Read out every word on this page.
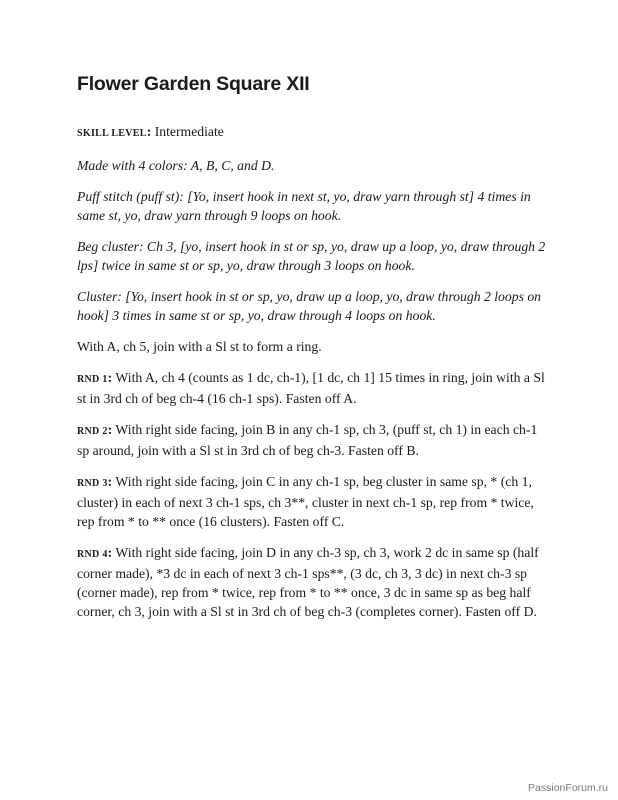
Flower Garden Square XII

SKILL LEVEL: Intermediate

Made with 4 colors: A, B, C, and D.

Puff stitch (puff st): [Yo, insert hook in next st, yo, draw yarn through st] 4 times in same st, yo, draw yarn through 9 loops on hook.

Beg cluster: Ch 3, [yo, insert hook in st or sp, yo, draw up a loop, yo, draw through 2 lps] twice in same st or sp, yo, draw through 3 loops on hook.

Cluster: [Yo, insert hook in st or sp, yo, draw up a loop, yo, draw through 2 loops on hook] 3 times in same st or sp, yo, draw through 4 loops on hook.

With A, ch 5, join with a Sl st to form a ring.

RND 1: With A, ch 4 (counts as 1 dc, ch-1), [1 dc, ch 1] 15 times in ring, join with a Sl st in 3rd ch of beg ch-4 (16 ch-1 sps). Fasten off A.

RND 2: With right side facing, join B in any ch-1 sp, ch 3, (puff st, ch 1) in each ch-1 sp around, join with a Sl st in 3rd ch of beg ch-3. Fasten off B.

RND 3: With right side facing, join C in any ch-1 sp, beg cluster in same sp, * (ch 1, cluster) in each of next 3 ch-1 sps, ch 3**, cluster in next ch-1 sp, rep from * twice, rep from * to ** once (16 clusters). Fasten off C.

RND 4: With right side facing, join D in any ch-3 sp, ch 3, work 2 dc in same sp (half corner made), *3 dc in each of next 3 ch-1 sps**, (3 dc, ch 3, 3 dc) in next ch-3 sp (corner made), rep from * twice, rep from * to ** once, 3 dc in same sp as beg half corner, ch 3, join with a Sl st in 3rd ch of beg ch-3 (completes corner). Fasten off D.

PassionForum.ru
